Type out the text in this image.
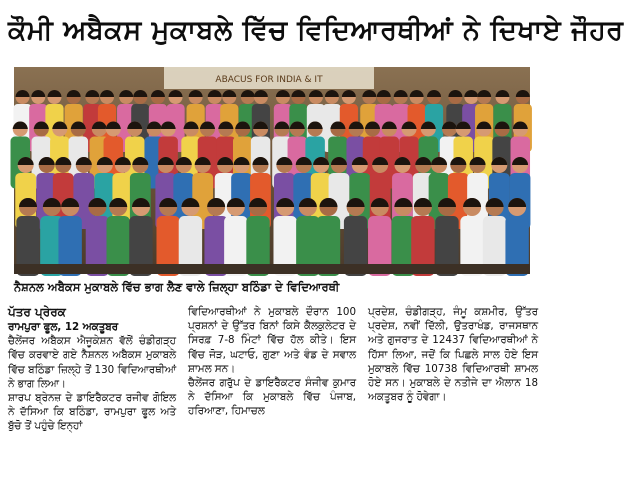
ਕੌਮੀ ਅਬੈਕਸ ਮੁਕਾਬਲੇ ਵਿੱਚ ਵਿਦਿਆਰਥੀਆਂ ਨੇ ਦਿਖਾਏ ਜੌਹਰ
ABACUS FOR INDIA & IT
ਨੈਸ਼ਨਲ ਅਬੈਕਸ ਮੁਕਾਬਲੇ ਵਿੱਚ ਭਾਗ ਲੈਣ ਵਾਲੇ ਜ਼ਿਲ੍ਹਾ ਬਠਿੰਡਾ ਦੇ ਵਿਦਿਆਰਥੀ
ਪੱਤਰ ਪ੍ਰੇਰਕ
ਰਾਮਪੁਰਾ ਫੂਲ, 12 ਅਕਤੂਬਰ
ਚੈਲੇਂਜਰ ਅਬੈਕਸ ਐਜੂਕੇਸ਼ਨ ਵੱਲੋਂ ਚੰਡੀਗੜ੍ਹ ਵਿੱਚ ਕਰਵਾਏ ਗਏ ਨੈਸ਼ਨਲ ਅਬੈਕਸ ਮੁਕਾਬਲੇ ਵਿੱਚ ਬਠਿੰਡਾ ਜ਼ਿਲ੍ਹੇ ਤੋਂ 130 ਵਿਦਿਆਰਥੀਆਂ ਨੇ ਭਾਗ ਲਿਆ।
ਸ਼ਾਰਪ ਬ੍ਰੇਨਜ਼ ਦੇ ਡਾਇਰੈਕਟਰ ਰਜੀਵ ਗੋਇਲ ਨੇ ਦੱਸਿਆ ਕਿ ਬਠਿੰਡਾ, ਰਾਮਪੁਰਾ ਫੂਲ ਅਤੇ ਬੁੱਚੋ ਤੋਂ ਪਹੁੰਚੇ ਇਨ੍ਹਾਂ
ਵਿਦਿਆਰਥੀਆਂ ਨੇ ਮੁਕਾਬਲੇ ਦੌਰਾਨ 100 ਪ੍ਰਸ਼ਨਾਂ ਦੇ ਉੱਤਰ ਬਿਨਾਂ ਕਿਸੇ ਕੈਲਕੁਲੇਟਰ ਦੇ ਸਿਰਫ਼ 7-8 ਮਿੰਟਾਂ ਵਿੱਚ ਹੱਲ ਕੀਤੇ। ਇਸ ਵਿੱਚ ਜੋੜ, ਘਟਾਓ, ਗੁਣਾ ਅਤੇ ਵੰਡ ਦੇ ਸਵਾਲ ਸ਼ਾਮਲ ਸਨ।
ਚੈਲੇਂਜਰ ਗਰੁੱਪ ਦੇ ਡਾਇਰੈਕਟਰ ਸੰਜੀਵ ਕੁਮਾਰ ਨੇ ਦੱਸਿਆ ਕਿ ਮੁਕਾਬਲੇ ਵਿੱਚ ਪੰਜਾਬ, ਹਰਿਆਣਾ, ਹਿਮਾਚਲ
ਪ੍ਰਦੇਸ਼, ਚੰਡੀਗੜ੍ਹ, ਜੰਮੂ ਕਸ਼ਮੀਰ, ਉੱਤਰ ਪ੍ਰਦੇਸ਼, ਨਵੀਂ ਦਿੱਲੀ, ਉਤਰਾਖੰਡ, ਰਾਜਸਥਾਨ ਅਤੇ ਗੁਜਰਾਤ ਦੇ 12437 ਵਿਦਿਆਰਥੀਆਂ ਨੇ ਹਿੱਸਾ ਲਿਆ, ਜਦੋਂ ਕਿ ਪਿਛਲੇ ਸਾਲ ਹੋਏ ਇਸ ਮੁਕਾਬਲੇ ਵਿੱਚ 10738 ਵਿਦਿਆਰਥੀ ਸ਼ਾਮਲ ਹੋਏ ਸਨ। ਮੁਕਾਬਲੇ ਦੇ ਨਤੀਜੇ ਦਾ ਐਲਾਨ 18 ਅਕਤੂਬਰ ਨੂੰ ਹੋਵੇਗਾ।
